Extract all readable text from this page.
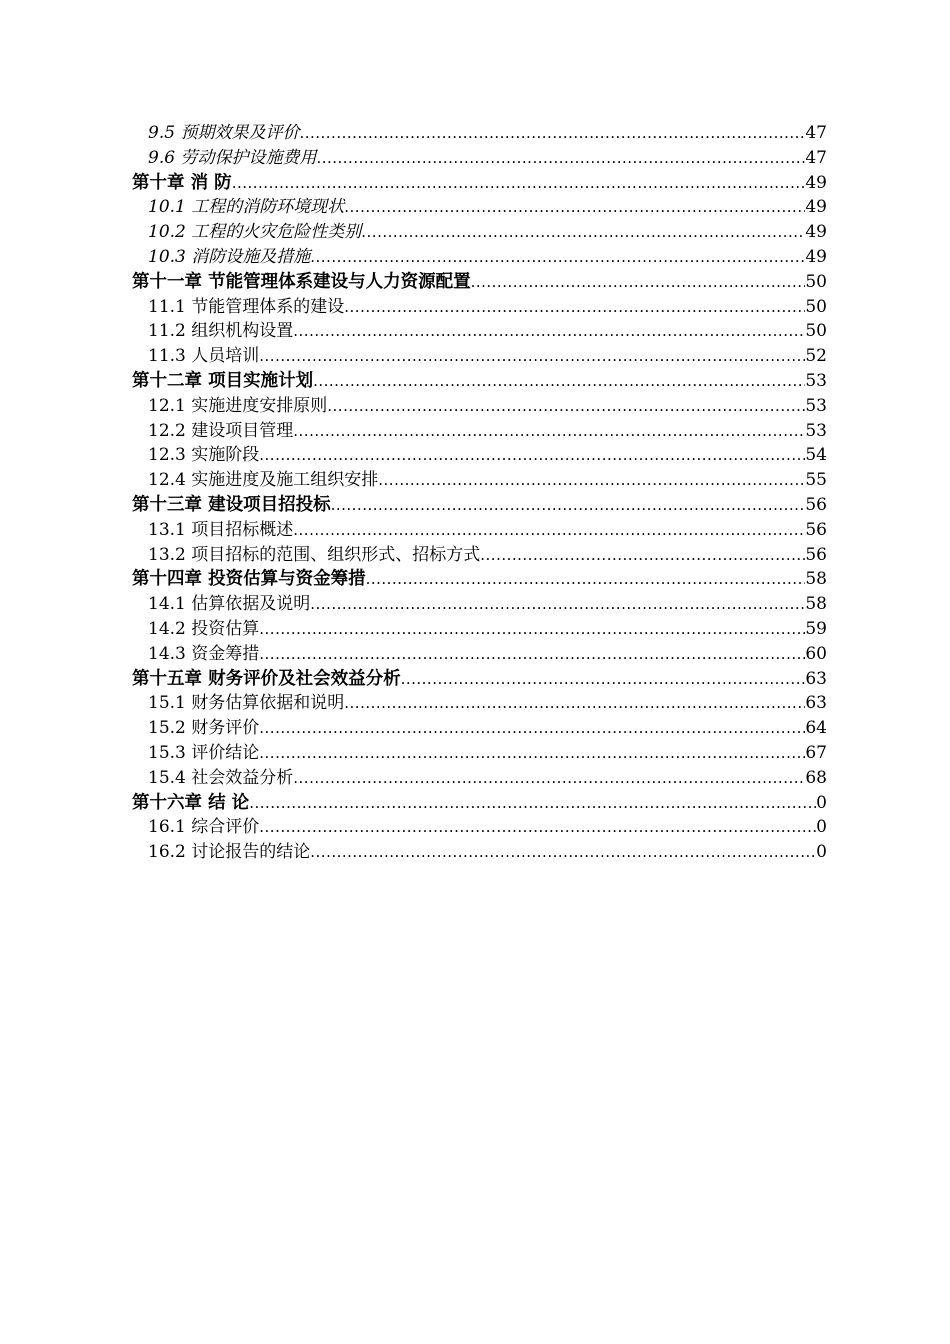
9.5 预期效果及评价 .....	47
9.6 劳动保护设施费用 .....	47
第十章 消 防 .....	49
10.1 工程的消防环境现状 .....	49
10.2 工程的火灾危险性类别 .....	49
10.3 消防设施及措施 .....	49
第十一章 节能管理体系建设与人力资源配置 .....	50
11.1 节能管理体系的建设 .....	50
11.2 组织机构设置 .....	50
11.3 人员培训 .....	52
第十二章 项目实施计划 .....	53
12.1 实施进度安排原则 .....	53
12.2 建设项目管理 .....	53
12.3 实施阶段 .....	54
12.4 实施进度及施工组织安排 .....	55
第十三章 建设项目招投标 .....	56
13.1 项目招标概述 .....	56
13.2 项目招标的范围、组织形式、招标方式 .....	56
第十四章 投资估算与资金筹措 .....	58
14.1 估算依据及说明 .....	58
14.2 投资估算 .....	59
14.3 资金筹措 .....	60
第十五章 财务评价及社会效益分析 .....	63
15.1 财务估算依据和说明 .....	63
15.2 财务评价 .....	64
15.3 评价结论 .....	67
15.4 社会效益分析 .....	68
第十六章 结 论 .....	0
16.1 综合评价 .....	0
16.2 讨论报告的结论 .....	0
